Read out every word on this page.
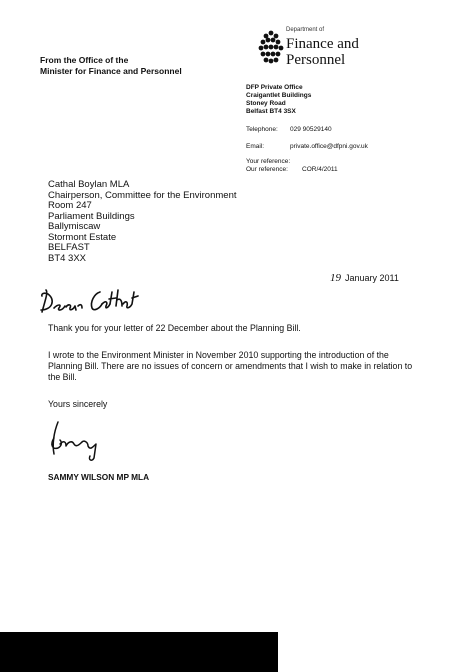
From the Office of the
Minister for Finance and Personnel
Department of
Finance and
Personnel
DFP Private Office
Craigantlet Buildings
Stoney Road
Belfast BT4 3SX
Telephone: 029 90529140
Email:	private.office@dfpni.gov.uk
Your reference:
Our reference: COR/4/2011
Cathal Boylan MLA
Chairperson, Committee for the Environment
Room 247
Parliament Buildings
Ballymiscaw
Stormont Estate
BELFAST
BT4 3XX
19 January 2011
Thank you for your letter of 22 December about the Planning Bill.
I wrote to the Environment Minister in November 2010 supporting the introduction of the Planning Bill. There are no issues of concern or amendments that I wish to make in relation to the Bill.
Yours sincerely
SAMMY WILSON MP MLA
